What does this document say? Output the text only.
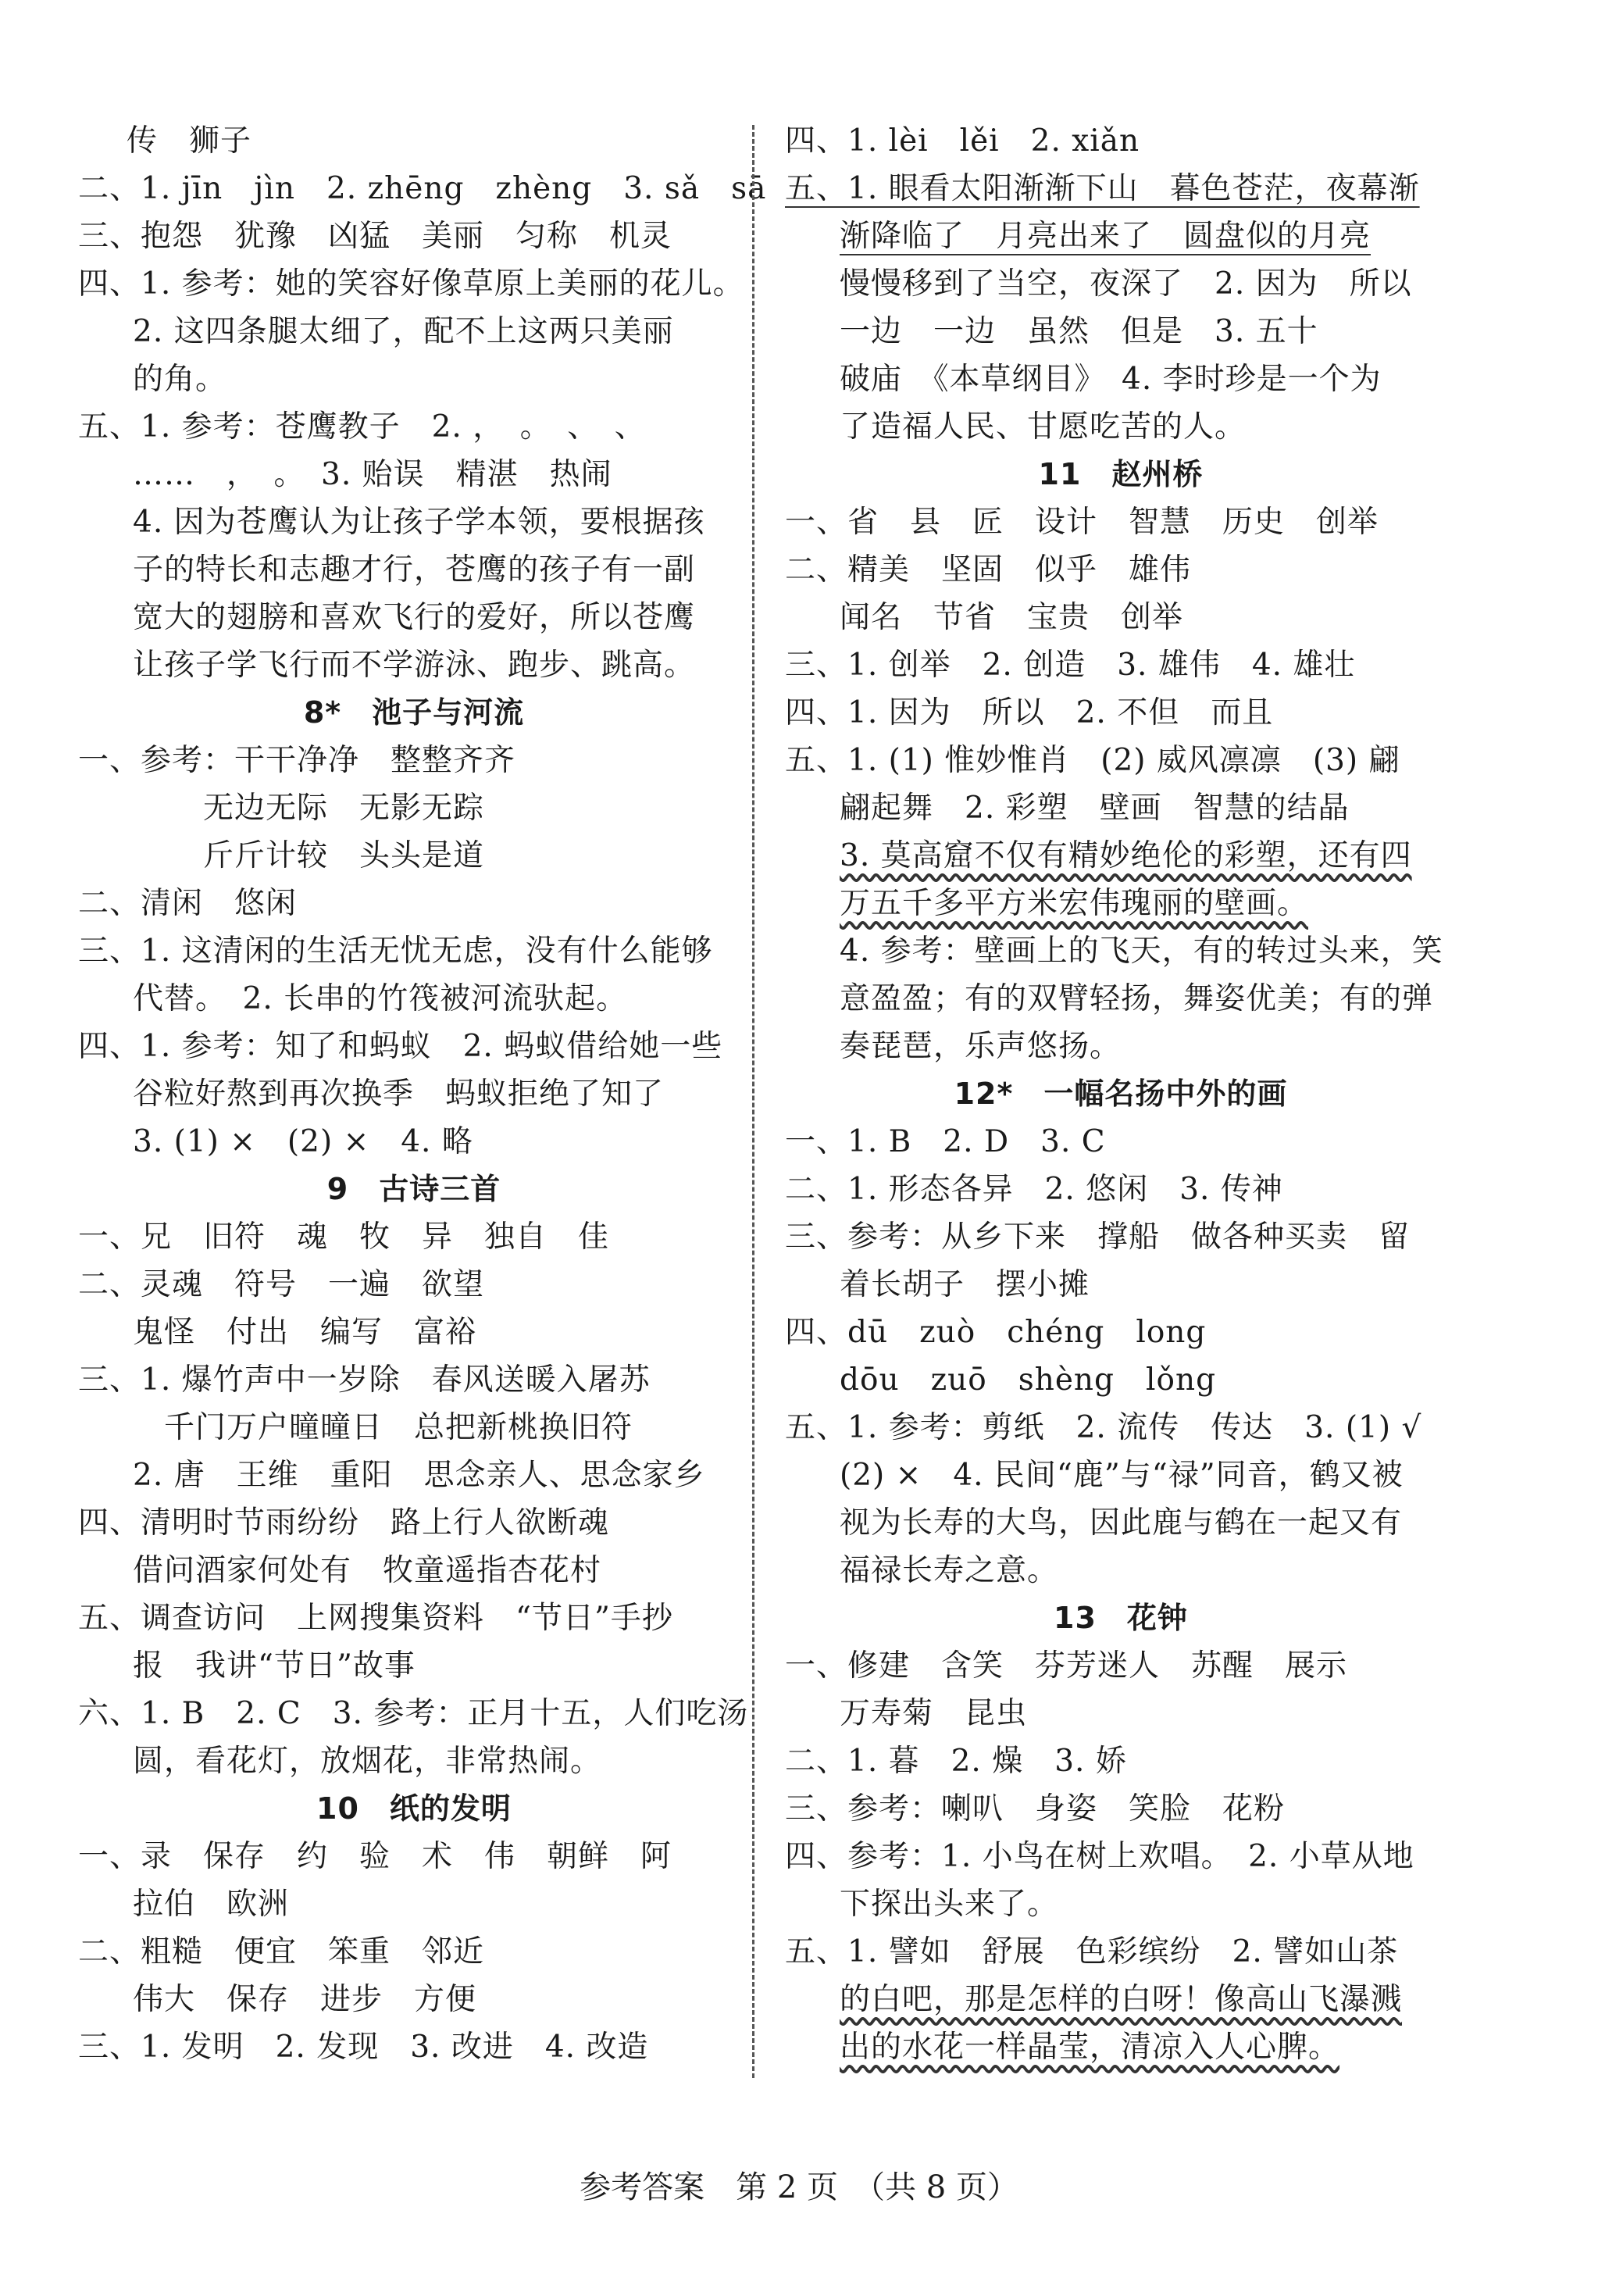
传　狮子
二、1. jīn　jìn　2. zhēng　zhèng　3. sǎ　sā
三、抱怨　犹豫　凶猛　美丽　匀称　机灵
四、1. 参考：她的笑容好像草原上美丽的花儿。
2. 这四条腿太细了，配不上这两只美丽
的角。
五、1. 参考：苍鹰教子　2. ，　。　、　、
……　，　。　3. 贻误　精湛　热闹
4. 因为苍鹰认为让孩子学本领，要根据孩
子的特长和志趣才行，苍鹰的孩子有一副
宽大的翅膀和喜欢飞行的爱好，所以苍鹰
让孩子学飞行而不学游泳、跑步、跳高。
8*　池子与河流
一、参考：干干净净　整整齐齐
无边无际　无影无踪
斤斤计较　头头是道
二、清闲　悠闲
三、1. 这清闲的生活无忧无虑，没有什么能够
代替。　2. 长串的竹筏被河流驮起。
四、1. 参考：知了和蚂蚁　2. 蚂蚁借给她一些
谷粒好熬到再次换季　蚂蚁拒绝了知了
3. (1) ×　(2) ×　4. 略
9　古诗三首
一、兄　旧符　魂　牧　异　独自　佳
二、灵魂　符号　一遍　欲望
鬼怪　付出　编写　富裕
三、1. 爆竹声中一岁除　春风送暖入屠苏
　千门万户曈曈日　总把新桃换旧符
2. 唐　王维　重阳　思念亲人、思念家乡
四、清明时节雨纷纷　路上行人欲断魂
借问酒家何处有　牧童遥指杏花村
五、调查访问　上网搜集资料　“节日”手抄
报　我讲“节日”故事
六、1. B　2. C　3. 参考：正月十五，人们吃汤
圆，看花灯，放烟花，非常热闹。
10　纸的发明
一、录　保存　约　验　术　伟　朝鲜　阿
拉伯　欧洲
二、粗糙　便宜　笨重　邻近
伟大　保存　进步　方便
三、1. 发明　2. 发现　3. 改进　4. 改造
四、1. lèi　lěi　2. xiǎn
五、1. 眼看太阳渐渐下山　暮色苍茫，夜幕渐
渐降临了　月亮出来了　圆盘似的月亮
慢慢移到了当空，夜深了　2. 因为　所以
一边　一边　虽然　但是　3. 五十
破庙　《本草纲目》　4. 李时珍是一个为
了造福人民、甘愿吃苦的人。
11　赵州桥
一、省　县　匠　设计　智慧　历史　创举
二、精美　坚固　似乎　雄伟
闻名　节省　宝贵　创举
三、1. 创举　2. 创造　3. 雄伟　4. 雄壮
四、1. 因为　所以　2. 不但　而且
五、1. (1) 惟妙惟肖　(2) 威风凛凛　(3) 翩
翩起舞　2. 彩塑　壁画　智慧的结晶
3. 莫高窟不仅有精妙绝伦的彩塑，还有四
万五千多平方米宏伟瑰丽的壁画。
4. 参考：壁画上的飞天，有的转过头来，笑
意盈盈；有的双臂轻扬，舞姿优美；有的弹
奏琵琶，乐声悠扬。
12*　一幅名扬中外的画
一、1. B　2. D　3. C
二、1. 形态各异　2. 悠闲　3. 传神
三、参考：从乡下来　撑船　做各种买卖　留
着长胡子　摆小摊
四、dū　zuò　chéng　long
dōu　zuō　shèng　lǒng
五、1. 参考：剪纸　2. 流传　传达　3. (1) √
(2) ×　4. 民间“鹿”与“禄”同音，鹤又被
视为长寿的大鸟，因此鹿与鹤在一起又有
福禄长寿之意。
13　花钟
一、修建　含笑　芬芳迷人　苏醒　展示
万寿菊　昆虫
二、1. 暮　2. 燥　3. 娇
三、参考：喇叭　身姿　笑脸　花粉
四、参考：1. 小鸟在树上欢唱。　2. 小草从地
下探出头来了。
五、1. 譬如　舒展　色彩缤纷　2. 譬如山茶
的白吧，那是怎样的白呀！像高山飞瀑溅
出的水花一样晶莹，清凉入人心脾。
参考答案　第 2 页　（共 8 页）
